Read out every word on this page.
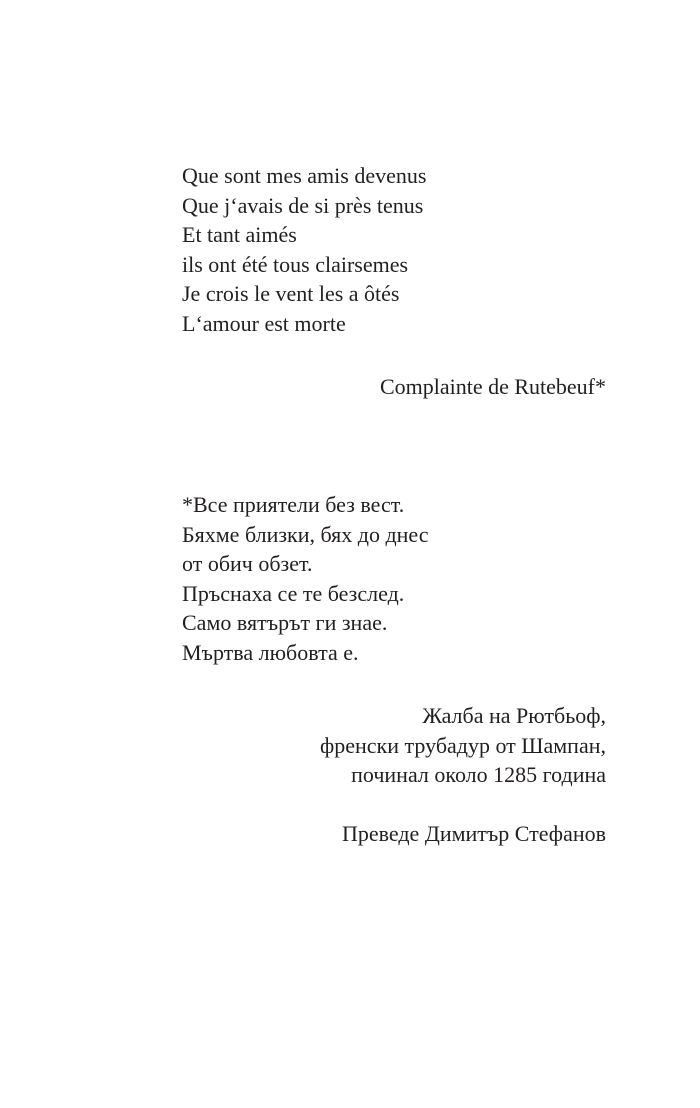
Que sont mes amis devenus
Que j‘avais de si près tenus
Et tant aimés
ils ont été tous clairsemes
Je crois le vent les a ôtés
L‘amour est morte
Complainte de Rutebeuf*
*Все приятели без вест.
Бяхме близки, бях до днес
от обич обзет.
Пръснаха се те безслед.
Само вятърът ги знае.
Мъртва любовта е.
Жалба на Рютбьоф,
френски трубадур от Шампан,
починал около 1285 година
Преведе Димитър Стефанов
